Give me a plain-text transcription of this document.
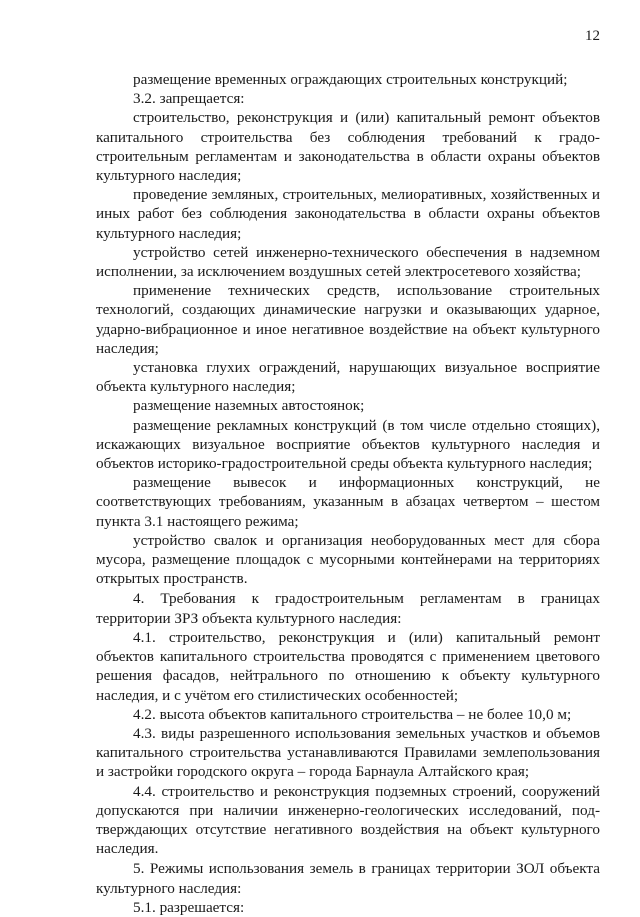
12

размещение временных ограждающих строительных конструкций;

3.2. запрещается:

строительство, реконструкция и (или) капитальный ремонт объектов капитального строительства без соблюдения требований к градо-строительным регламентам и законодательства в области охраны объектов культурного наследия;

проведение земляных, строительных, мелиоративных, хозяйственных и иных работ без соблюдения законодательства в области охраны объектов культурного наследия;

устройство сетей инженерно-технического обеспечения в надземном исполнении, за исключением воздушных сетей электросетевого хозяйства;

применение технических средств, использование строительных технологий, создающих динамические нагрузки и оказывающих ударное, ударно-вибрационное и иное негативное воздействие на объект культурного наследия;

установка глухих ограждений, нарушающих визуальное восприятие объекта культурного наследия;

размещение наземных автостоянок;

размещение рекламных конструкций (в том числе отдельно стоящих), искажающих визуальное восприятие объектов культурного наследия и объектов историко-градостроительной среды объекта культурного наследия;

размещение вывесок и информационных конструкций, не соответствующих требованиям, указанным в абзацах четвертом – шестом пункта 3.1 настоящего режима;

устройство свалок и организация необорудованных мест для сбора мусора, размещение площадок с мусорными контейнерами на территориях открытых пространств.

4. Требования к градостроительным регламентам в границах территории ЗРЗ объекта культурного наследия:

4.1. строительство, реконструкция и (или) капитальный ремонт объектов капитального строительства проводятся с применением цветового решения фасадов, нейтрального по отношению к объекту культурного наследия, и с учётом его стилистических особенностей;

4.2. высота объектов капитального строительства – не более 10,0 м;

4.3. виды разрешенного использования земельных участков и объемов капитального строительства устанавливаются Правилами землепользования и застройки городского округа – города Барнаула Алтайского края;

4.4. строительство и реконструкция подземных строений, сооружений допускаются при наличии инженерно-геологических исследований, под-тверждающих отсутствие негативного воздействия на объект культурного наследия.

5. Режимы использования земель в границах территории ЗОЛ объекта культурного наследия:

5.1. разрешается:
